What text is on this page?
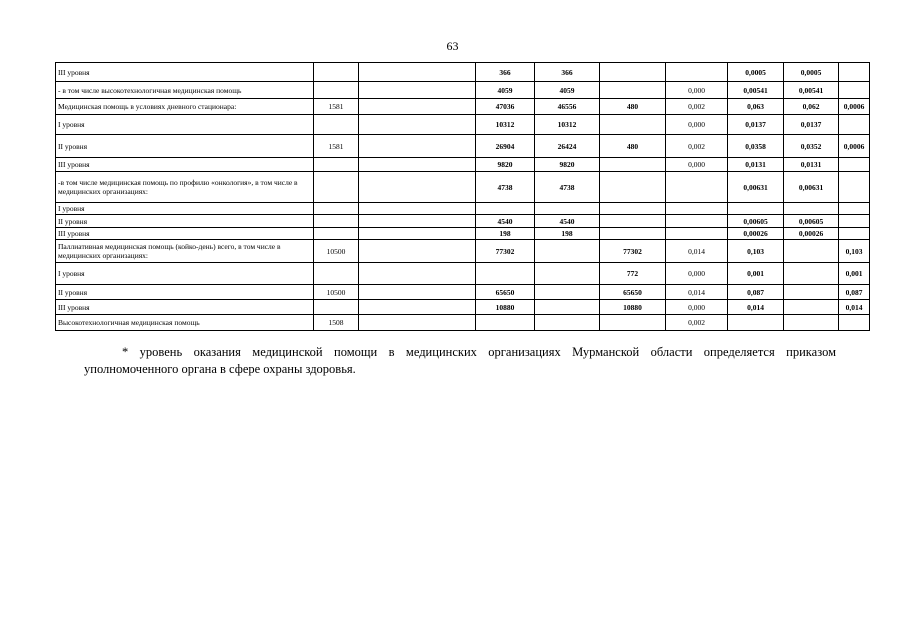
63
III уровня			366	366			0,0005	0,0005	
- в том числе высокотехнологичная медицинская помощь			4059	4059		0,000	0,00541	0,00541	
Медицинская помощь в условиях дневного стационара:	1581		47036	46556	480	0,002	0,063	0,062	0,0006
I уровня			10312	10312		0,000	0,0137	0,0137	
II уровня	1581		26904	26424	480	0,002	0,0358	0,0352	0,0006
III уровня			9820	9820		0,000	0,0131	0,0131	
-в том числе медицинская помощь по профилю «онкология», в том числе в медицинских организациях:			4738	4738			0,00631	0,00631	
I уровня									
II уровня			4540	4540			0,00605	0,00605	
III уровня			198	198			0,00026	0,00026	
Паллиативная медицинская помощь (койко-день) всего, в том числе в медицинских организациях:	10500		77302		77302	0,014	0,103		0,103
I уровня					772	0,000	0,001		0,001
II уровня	10500		65650		65650	0,014	0,087		0,087
III уровня			10880		10880	0,000	0,014		0,014
Высокотехнологичная медицинская помощь	1508					0,002			
* уровень оказания медицинской помощи в медицинских организациях Мурманской области определяется приказом
уполномоченного органа в сфере охраны здоровья.
